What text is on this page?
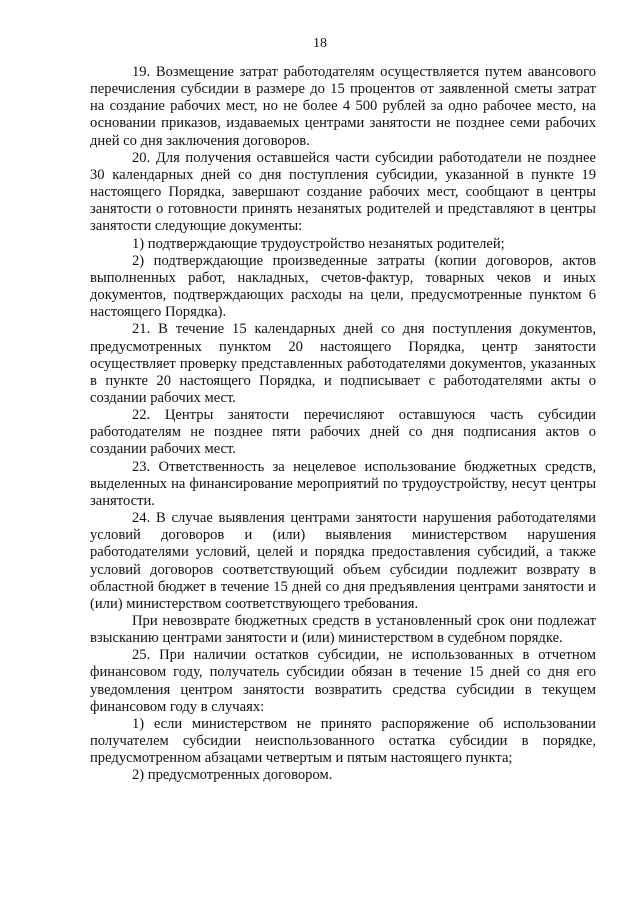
18

19. Возмещение затрат работодателям осуществляется путем авансового перечисления субсидии в размере до 15 процентов от заявленной сметы затрат на создание рабочих мест, но не более 4 500 рублей за одно рабочее место, на основании приказов, издаваемых центрами занятости не позднее семи рабочих дней со дня заключения договоров.

20. Для получения оставшейся части субсидии работодатели не позднее 30 календарных дней со дня поступления субсидии, указанной в пункте 19 настоящего Порядка, завершают создание рабочих мест, сообщают в центры занятости о готовности принять незанятых родителей и представляют в центры занятости следующие документы:

1) подтверждающие трудоустройство незанятых родителей;

2) подтверждающие произведенные затраты (копии договоров, актов выполненных работ, накладных, счетов-фактур, товарных чеков и иных документов, подтверждающих расходы на цели, предусмотренные пунктом 6 настоящего Порядка).

21. В течение 15 календарных дней со дня поступления документов, предусмотренных пунктом 20 настоящего Порядка, центр занятости осуществляет проверку представленных работодателями документов, указанных в пункте 20 настоящего Порядка, и подписывает с работодателями акты о создании рабочих мест.

22. Центры занятости перечисляют оставшуюся часть субсидии работодателям не позднее пяти рабочих дней со дня подписания актов о создании рабочих мест.

23. Ответственность за нецелевое использование бюджетных средств, выделенных на финансирование мероприятий по трудоустройству, несут центры занятости.

24. В случае выявления центрами занятости нарушения работодателями условий договоров и (или) выявления министерством нарушения работодателями условий, целей и порядка предоставления субсидий, а также условий договоров соответствующий объем субсидии подлежит возврату в областной бюджет в течение 15 дней со дня предъявления центрами занятости и (или) министерством соответствующего требования.

При невозврате бюджетных средств в установленный срок они подлежат взысканию центрами занятости и (или) министерством в судебном порядке.

25. При наличии остатков субсидии, не использованных в отчетном финансовом году, получатель субсидии обязан в течение 15 дней со дня его уведомления центром занятости возвратить средства субсидии в текущем финансовом году в случаях:

1) если министерством не принято распоряжение об использовании получателем субсидии неиспользованного остатка субсидии в порядке, предусмотренном абзацами четвертым и пятым настоящего пункта;

2) предусмотренных договором.
